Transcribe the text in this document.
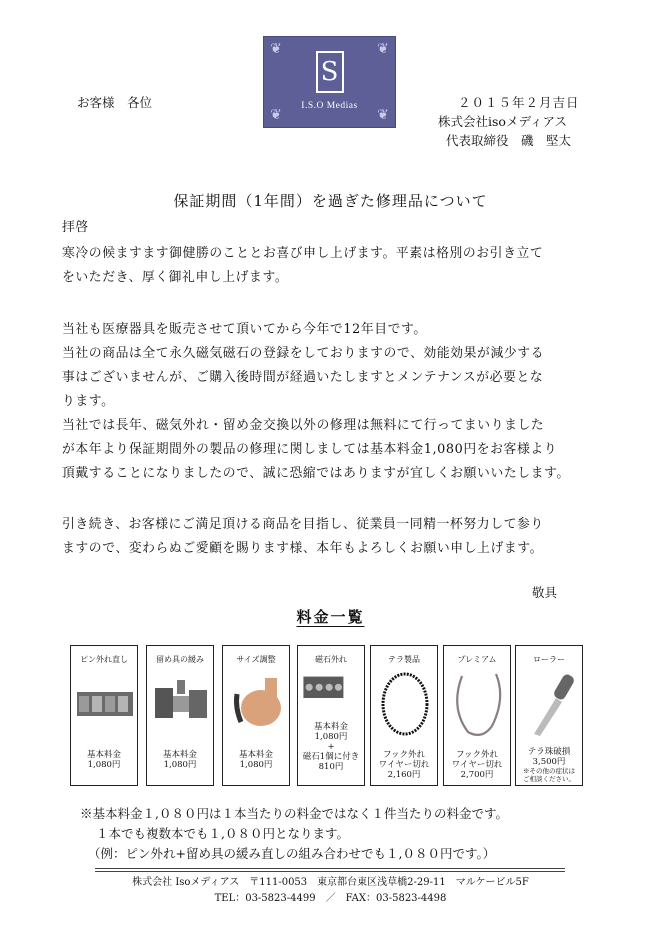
❦	❦
❦	❦
S
I.S.O Medias
お客様　各位	２０１５年２月吉日
株式会社isoメディアス
代表取締役　磯　堅太
保証期間（1年間）を過ぎた修理品について
拝啓
寒冷の候ますます御健勝のこととお喜び申し上げます。平素は格別のお引き立て
をいただき、厚く御礼申し上げます。
当社も医療器具を販売させて頂いてから今年で12年目です。
当社の商品は全て永久磁気磁石の登録をしておりますので、効能効果が減少する
事はございませんが、ご購入後時間が経過いたしますとメンテナンスが必要とな
ります。
当社では長年、磁気外れ・留め金交換以外の修理は無料にて行ってまいりました
が本年より保証期間外の製品の修理に関しましては基本料金1,080円をお客様より
頂戴することになりましたので、誠に恐縮ではありますが宜しくお願いいたします。
引き続き、お客様にご満足頂ける商品を目指し、従業員一同精一杯努力して参り
ますので、変わらぬご愛顧を賜ります様、本年もよろしくお願い申し上げます。
敬具
料金一覧
ピン外れ直し
基本料金
1,080円
留め具の緩み
基本料金
1,080円
サイズ調整
基本料金
1,080円
磁石外れ
基本料金
1,080円
+
磁石1個に付き
810円
テラ製品
フック外れ
ワイヤー切れ
2,160円
プレミアム
フック外れ
ワイヤー切れ
2,700円
ローラー
テラ珠破損
3,500円
※その他の症状は
ご相談ください。
※基本料金１,０８０円は１本当たりの料金ではなく１件当たりの料金です。
１本でも複数本でも１,０８０円となります。
（例：ピン外れ+留め具の緩み直しの組み合わせでも１,０８０円です。）
株式会社 Isoメディアス　〒111-0053　東京都台東区浅草橋2-29-11　マルケービル5F
TEL：03-5823-4499　／　FAX：03-5823-4498
